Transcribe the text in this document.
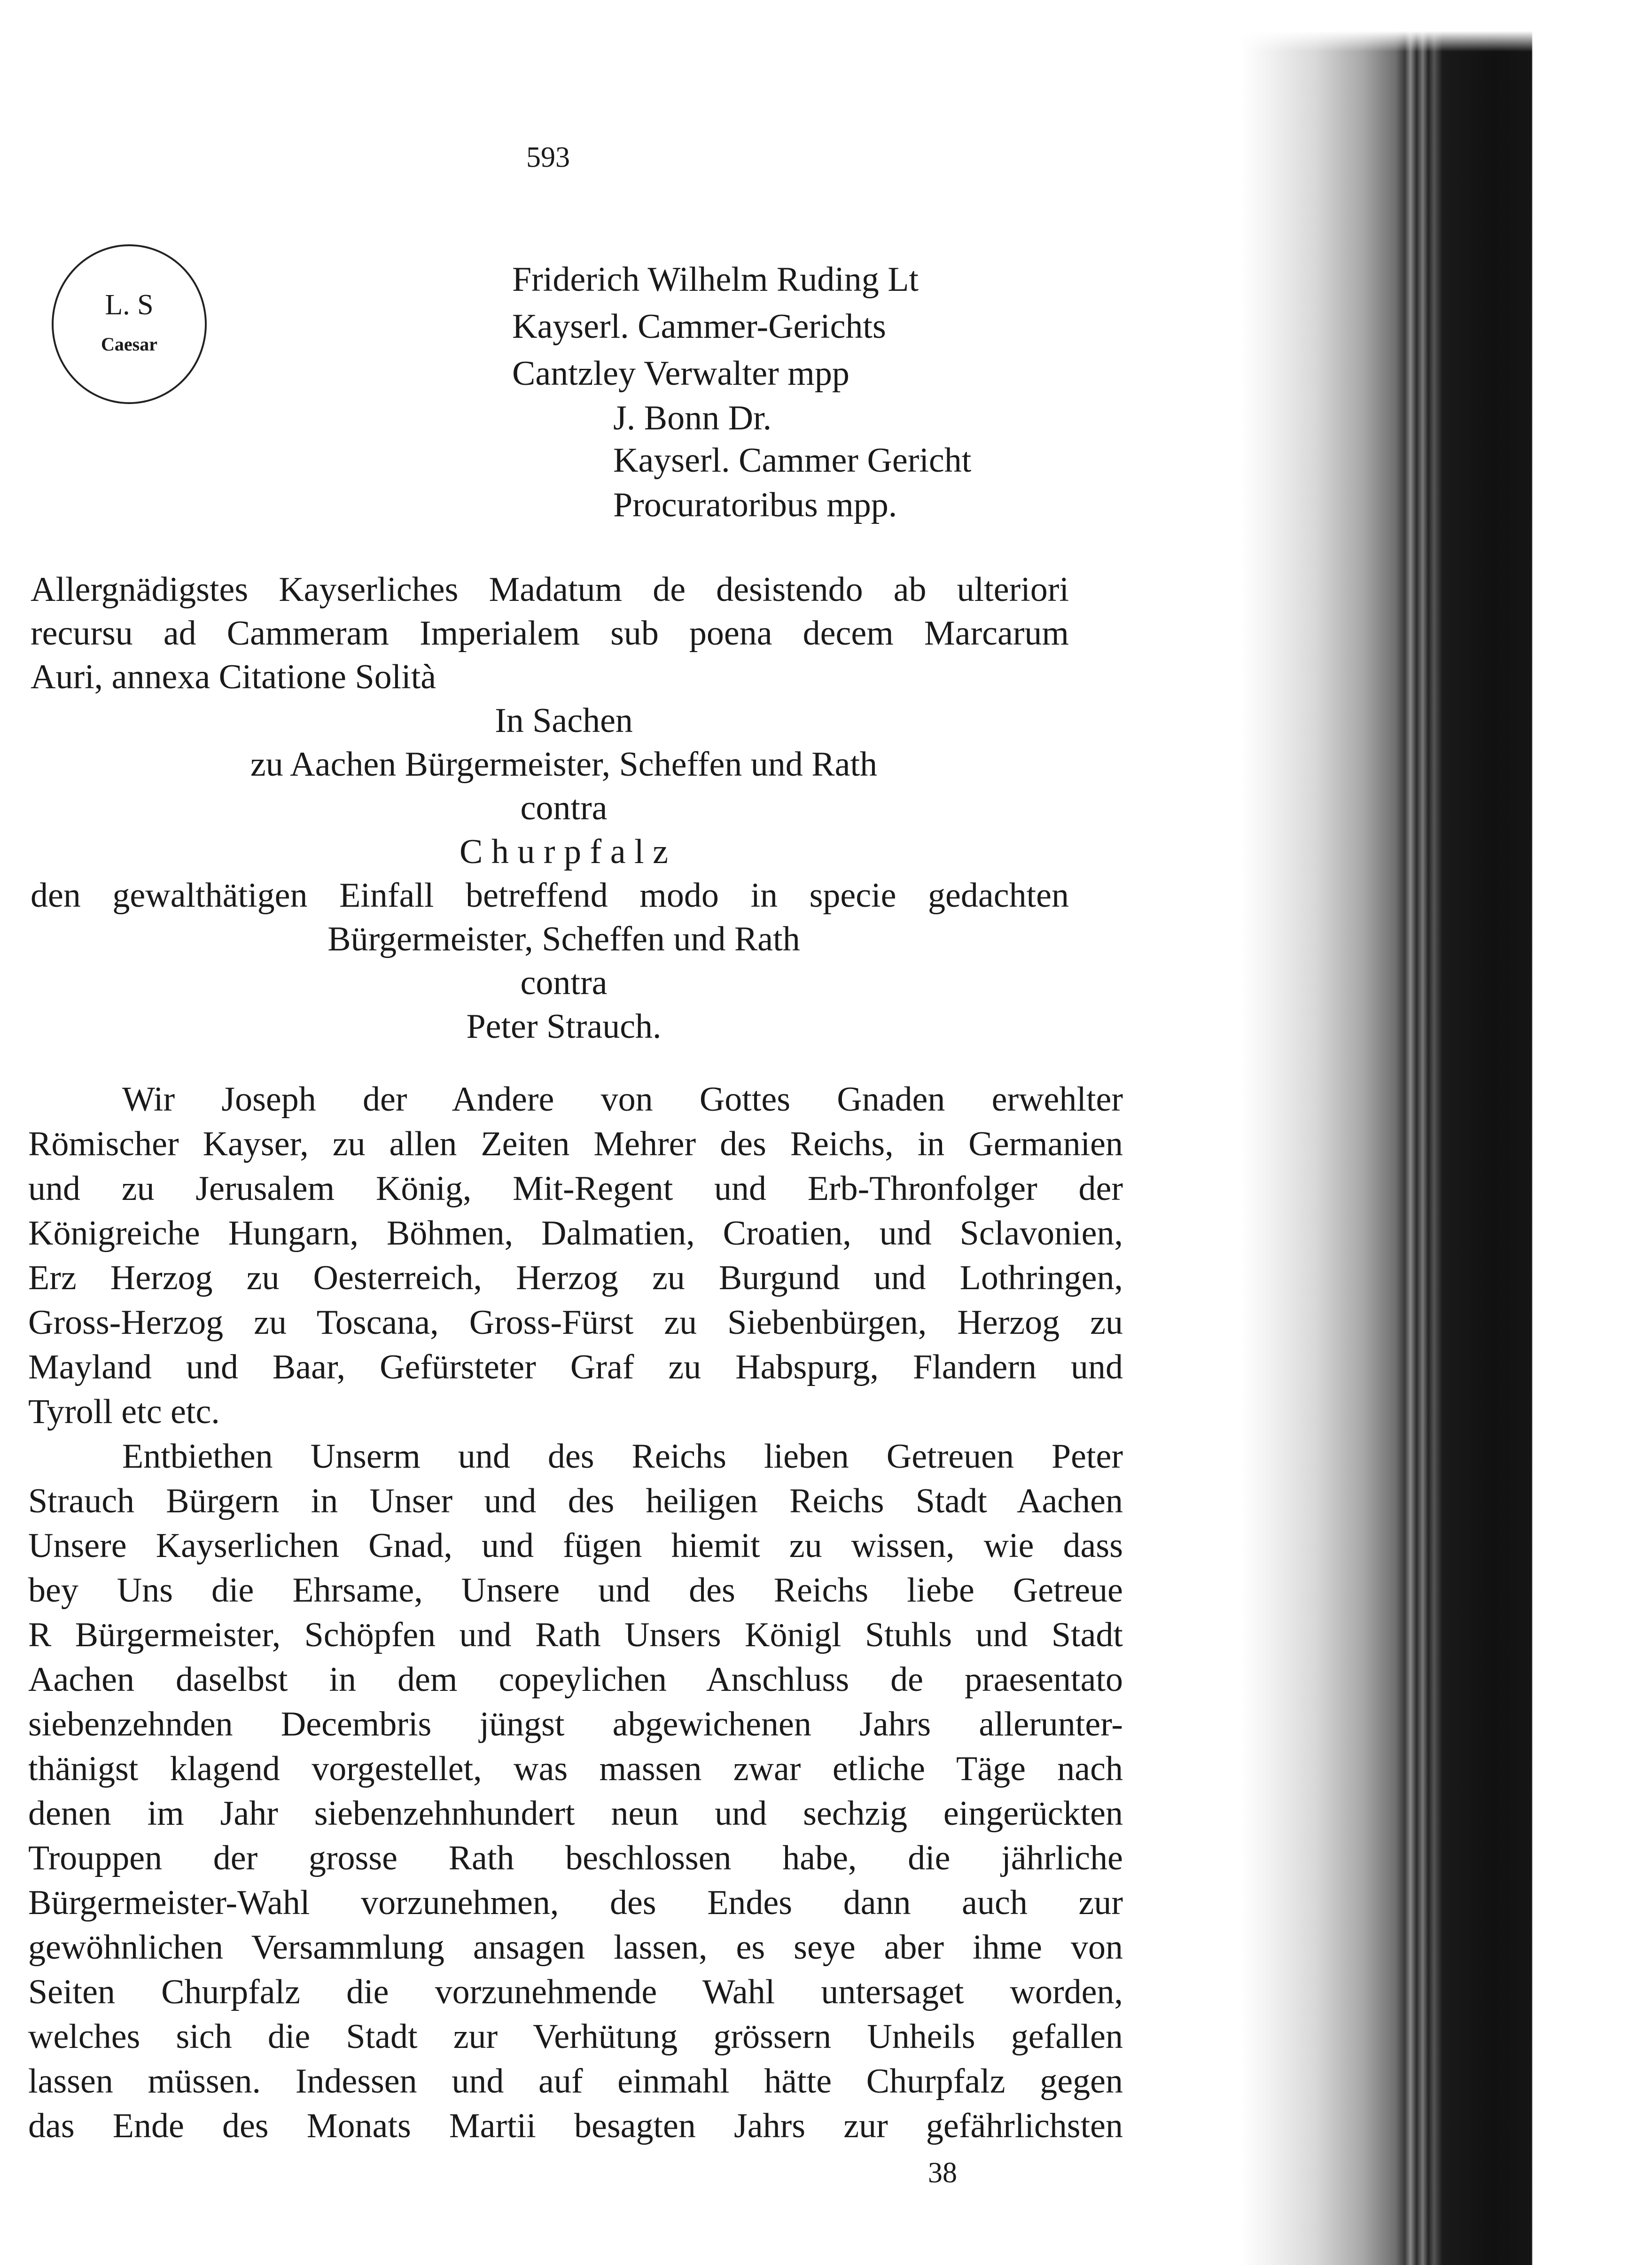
593
L. S
Caesar
Friderich Wilhelm Ruding Lt
Kayserl. Cammer-Gerichts
Cantzley Verwalter mpp
J. Bonn Dr.
Kayserl. Cammer Gericht
Procuratoribus mpp.
Allergnädigstes Kayserliches Madatum de desistendo ab ulteriori
recursu ad Cammeram Imperialem sub poena decem Marcarum
Auri, annexa Citatione Solità
In Sachen
zu Aachen Bürgermeister, Scheffen und Rath
contra
C h u r p f a l z
den gewalthätigen Einfall betreffend modo in specie gedachten
Bürgermeister, Scheffen und Rath
contra
Peter Strauch.
Wir Joseph der Andere von Gottes Gnaden erwehlter
Römischer Kayser, zu allen Zeiten Mehrer des Reichs, in Germanien
und zu Jerusalem König, Mit-Regent und Erb-Thronfolger der
Königreiche Hungarn, Böhmen, Dalmatien, Croatien, und Sclavonien,
Erz Herzog zu Oesterreich, Herzog zu Burgund und Lothringen,
Gross-Herzog zu Toscana, Gross-Fürst zu Siebenbürgen, Herzog zu
Mayland und Baar, Gefürsteter Graf zu Habspurg, Flandern und
Tyroll etc etc.
Entbiethen Unserm und des Reichs lieben Getreuen Peter
Strauch Bürgern in Unser und des heiligen Reichs Stadt Aachen
Unsere Kayserlichen Gnad, und fügen hiemit zu wissen, wie dass
bey Uns die Ehrsame, Unsere und des Reichs liebe Getreue
R Bürgermeister, Schöpfen und Rath Unsers Königl Stuhls und Stadt
Aachen daselbst in dem copeylichen Anschluss de praesentato
siebenzehnden Decembris jüngst abgewichenen Jahrs allerunter-
thänigst klagend vorgestellet, was massen zwar etliche Täge nach
denen im Jahr siebenzehnhundert neun und sechzig eingerückten
Trouppen der grosse Rath beschlossen habe, die jährliche
Bürgermeister-Wahl vorzunehmen, des Endes dann auch zur
gewöhnlichen Versammlung ansagen lassen, es seye aber ihme von
Seiten Churpfalz die vorzunehmende Wahl untersaget worden,
welches sich die Stadt zur Verhütung grössern Unheils gefallen
lassen müssen. Indessen und auf einmahl hätte Churpfalz gegen
das Ende des Monats Martii besagten Jahrs zur gefährlichsten
38
